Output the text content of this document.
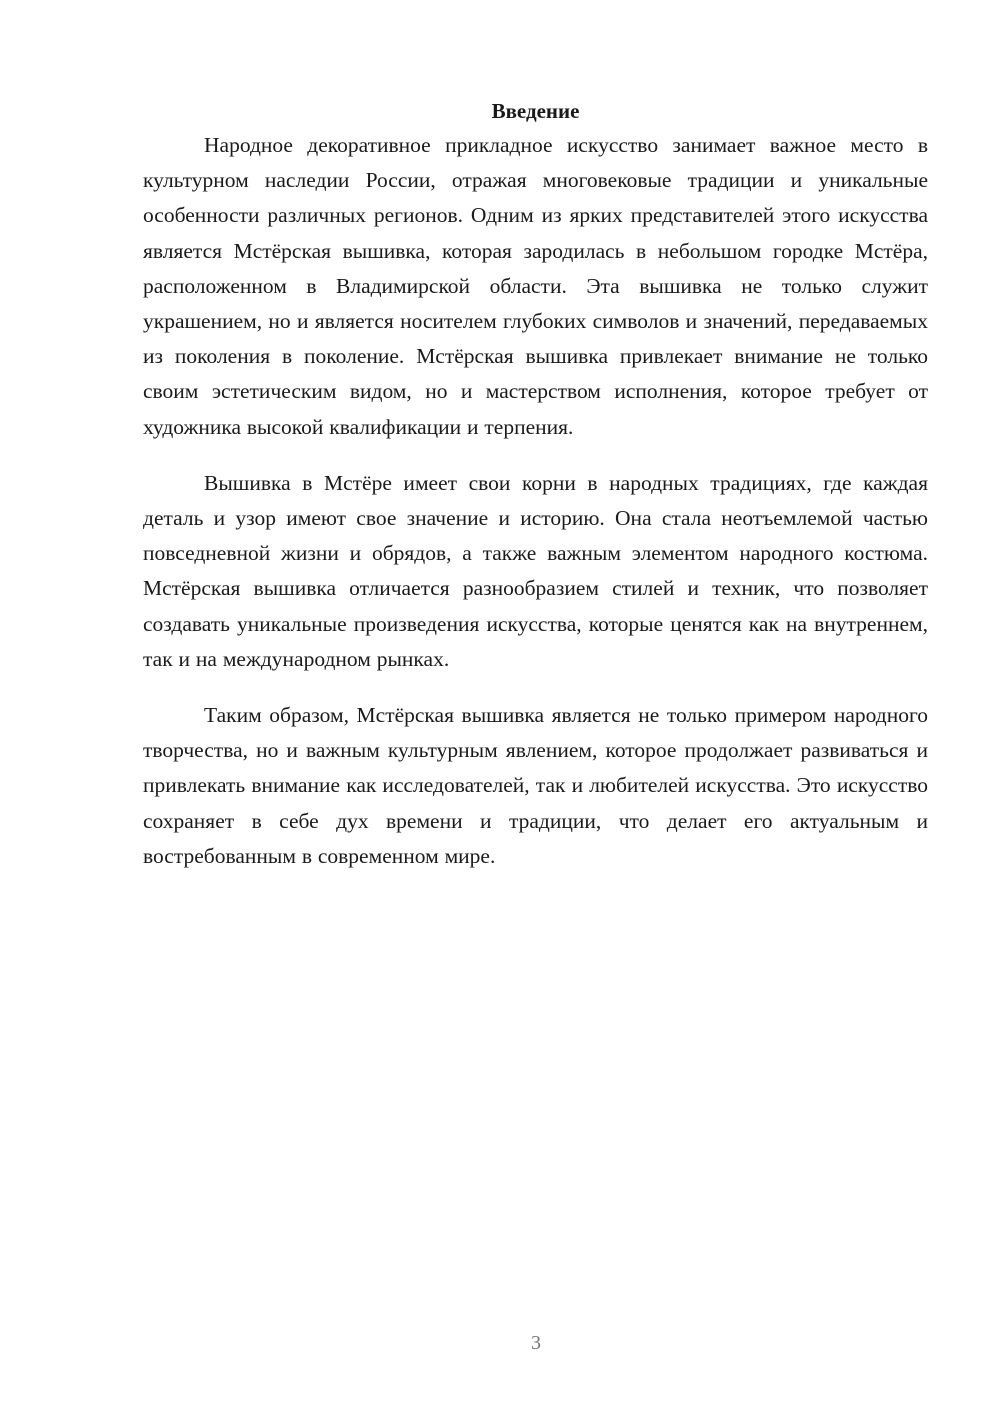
Введение

Народное декоративное прикладное искусство занимает важное место в культурном наследии России, отражая многовековые традиции и уникальные особенности различных регионов. Одним из ярких представителей этого искусства является Мстёрская вышивка, которая зародилась в небольшом городке Мстёра, расположенном в Владимирской области. Эта вышивка не только служит украшением, но и является носителем глубоких символов и значений, передаваемых из поколения в поколение. Мстёрская вышивка привлекает внимание не только своим эстетическим видом, но и мастерством исполнения, которое требует от художника высокой квалификации и терпения.

Вышивка в Мстёре имеет свои корни в народных традициях, где каждая деталь и узор имеют свое значение и историю. Она стала неотъемлемой частью повседневной жизни и обрядов, а также важным элементом народного костюма. Мстёрская вышивка отличается разнообразием стилей и техник, что позволяет создавать уникальные произведения искусства, которые ценятся как на внутреннем, так и на международном рынках.

Таким образом, Мстёрская вышивка является не только примером народного творчества, но и важным культурным явлением, которое продолжает развиваться и привлекать внимание как исследователей, так и любителей искусства. Это искусство сохраняет в себе дух времени и традиции, что делает его актуальным и востребованным в современном мире.

3
